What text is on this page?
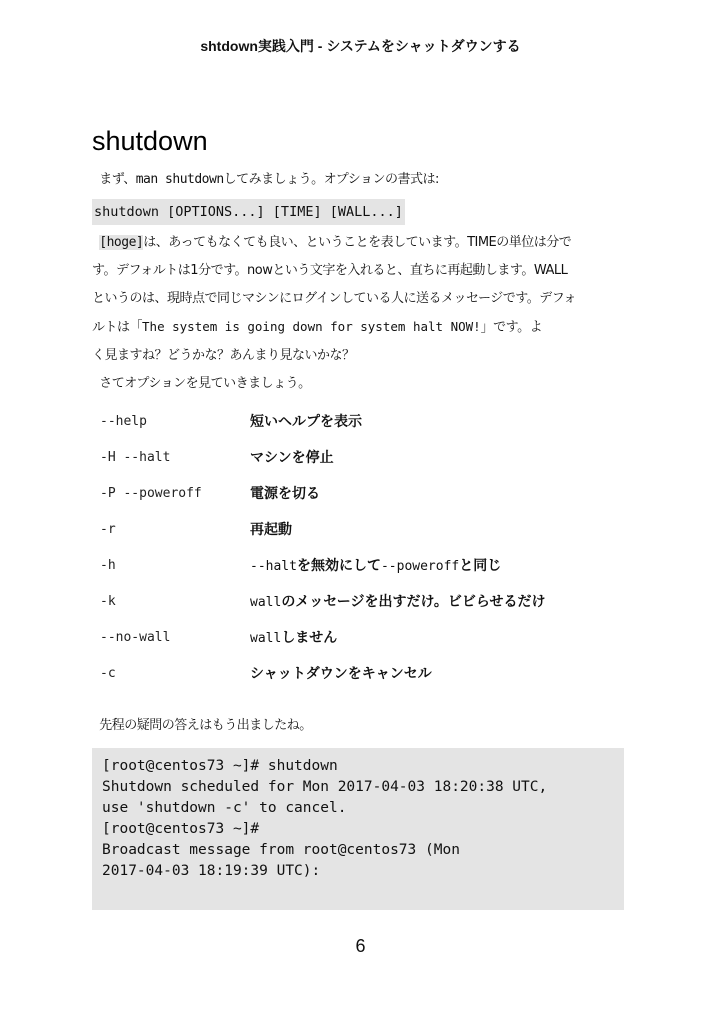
shtdown実践入門 - システムをシャットダウンする
shutdown
まず、man shutdownしてみましょう。オプションの書式は:
shutdown [OPTIONS...] [TIME] [WALL...]
[hoge]は、あってもなくても良い、ということを表しています。TIMEの単位は分で
す。デフォルトは1分です。nowという文字を入れると、直ちに再起動します。WALL
というのは、現時点で同じマシンにログインしている人に送るメッセージです。デフォ
ルトは「The system is going down for system halt NOW!」です。よ
く見ますね？どうかな？あんまり見ないかな？
さてオプションを見ていきましょう。
--help	短いヘルプを表示
-H --halt	マシンを停止
-P --poweroff	電源を切る
-r	再起動
-h	--haltを無効にして--poweroffと同じ
-k	wallのメッセージを出すだけ。ビビらせるだけ
--no-wall	wallしません
-c	シャットダウンをキャンセル
先程の疑問の答えはもう出ましたね。
[root@centos73 ~]# shutdown
Shutdown scheduled for Mon 2017-04-03 18:20:38 UTC,
use 'shutdown -c' to cancel.
[root@centos73 ~]#
Broadcast message from root@centos73 (Mon
2017-04-03 18:19:39 UTC):
6
